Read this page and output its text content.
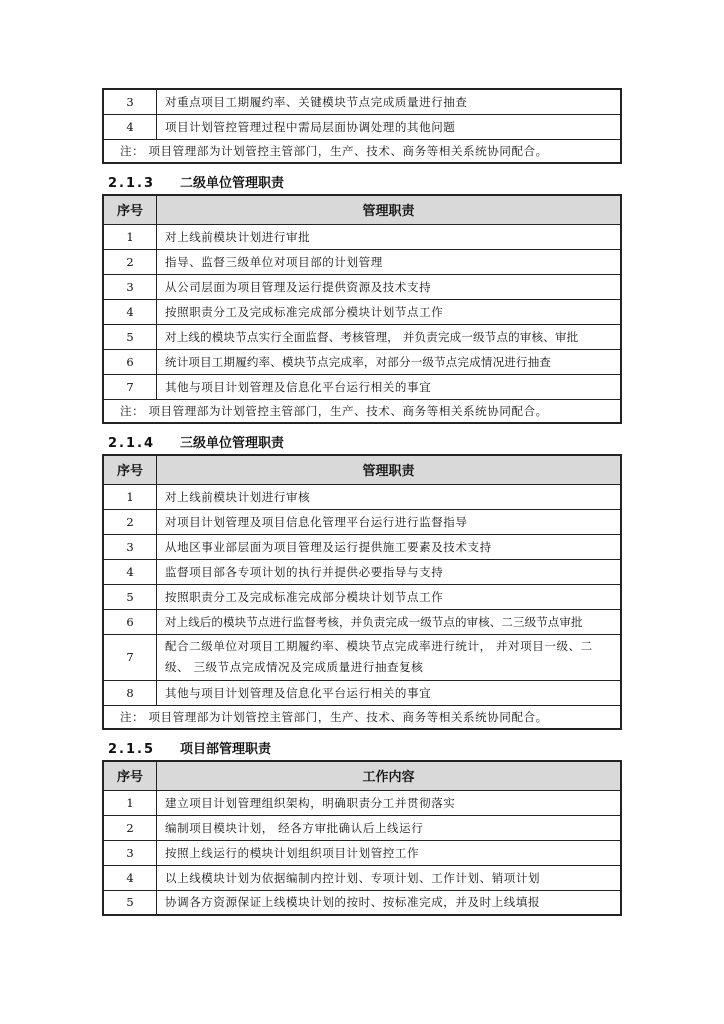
3	对重点项目工期履约率、关键模块节点完成质量进行抽查
4	项目计划管控管理过程中需局层面协调处理的其他问题
注： 项目管理部为计划管控主管部门，生产、技术、商务等相关系统协同配合。	
2.1.3 二级单位管理职责
序号	管理职责
1	对上线前模块计划进行审批
2	指导、监督三级单位对项目部的计划管理
3	从公司层面为项目管理及运行提供资源及技术支持
4	按照职责分工及完成标准完成部分模块计划节点工作
5	对上线的模块节点实行全面监督、考核管理， 并负责完成一级节点的审核、审批
6	统计项目工期履约率、模块节点完成率，对部分一级节点完成情况进行抽查
7	其他与项目计划管理及信息化平台运行相关的事宜
注： 项目管理部为计划管控主管部门，生产、技术、商务等相关系统协同配合。	
2.1.4 三级单位管理职责
序号	管理职责
1	对上线前模块计划进行审核
2	对项目计划管理及项目信息化管理平台运行进行监督指导
3	从地区事业部层面为项目管理及运行提供施工要素及技术支持
4	监督项目部各专项计划的执行并提供必要指导与支持
5	按照职责分工及完成标准完成部分模块计划节点工作
6	对上线后的模块节点进行监督考核，并负责完成一级节点的审核、二三级节点审批
7	配合二级单位对项目工期履约率、模块节点完成率进行统计， 并对项目一级、二级、 三级节点完成情况及完成质量进行抽查复核
8	其他与项目计划管理及信息化平台运行相关的事宜
注： 项目管理部为计划管控主管部门，生产、技术、商务等相关系统协同配合。	
2.1.5 项目部管理职责
序号	工作内容
1	建立项目计划管理组织架构，明确职责分工并贯彻落实
2	编制项目模块计划， 经各方审批确认后上线运行
3	按照上线运行的模块计划组织项目计划管控工作
4	以上线模块计划为依据编制内控计划、专项计划、工作计划、销项计划
5	协调各方资源保证上线模块计划的按时、按标准完成，并及时上线填报
